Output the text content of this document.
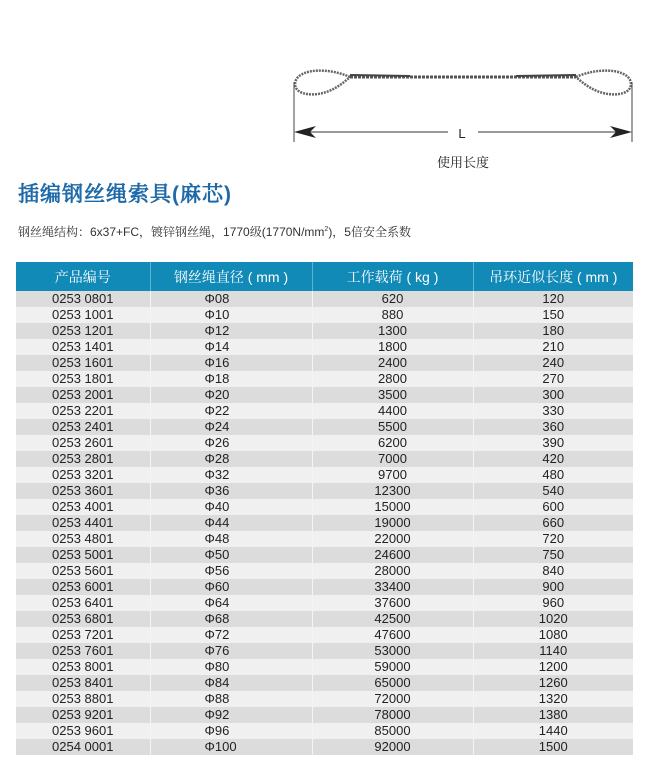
L
使用长度
插编钢丝绳索具(麻芯)
钢丝绳结构：6x37+FC，镀锌钢丝绳，1770级$(1770N/mm^2)$，5倍安全系数
产品编号	钢丝绳直径 ( mm )	工作载荷 ( kg )	吊环近似长度 ( mm )
0253 0801	Φ08	620	120
0253 1001	Φ10	880	150
0253 1201	Φ12	1300	180
0253 1401	Φ14	1800	210
0253 1601	Φ16	2400	240
0253 1801	Φ18	2800	270
0253 2001	Φ20	3500	300
0253 2201	Φ22	4400	330
0253 2401	Φ24	5500	360
0253 2601	Φ26	6200	390
0253 2801	Φ28	7000	420
0253 3201	Φ32	9700	480
0253 3601	Φ36	12300	540
0253 4001	Φ40	15000	600
0253 4401	Φ44	19000	660
0253 4801	Φ48	22000	720
0253 5001	Φ50	24600	750
0253 5601	Φ56	28000	840
0253 6001	Φ60	33400	900
0253 6401	Φ64	37600	960
0253 6801	Φ68	42500	1020
0253 7201	Φ72	47600	1080
0253 7601	Φ76	53000	1140
0253 8001	Φ80	59000	1200
0253 8401	Φ84	65000	1260
0253 8801	Φ88	72000	1320
0253 9201	Φ92	78000	1380
0253 9601	Φ96	85000	1440
0254 0001	Φ100	92000	1500
